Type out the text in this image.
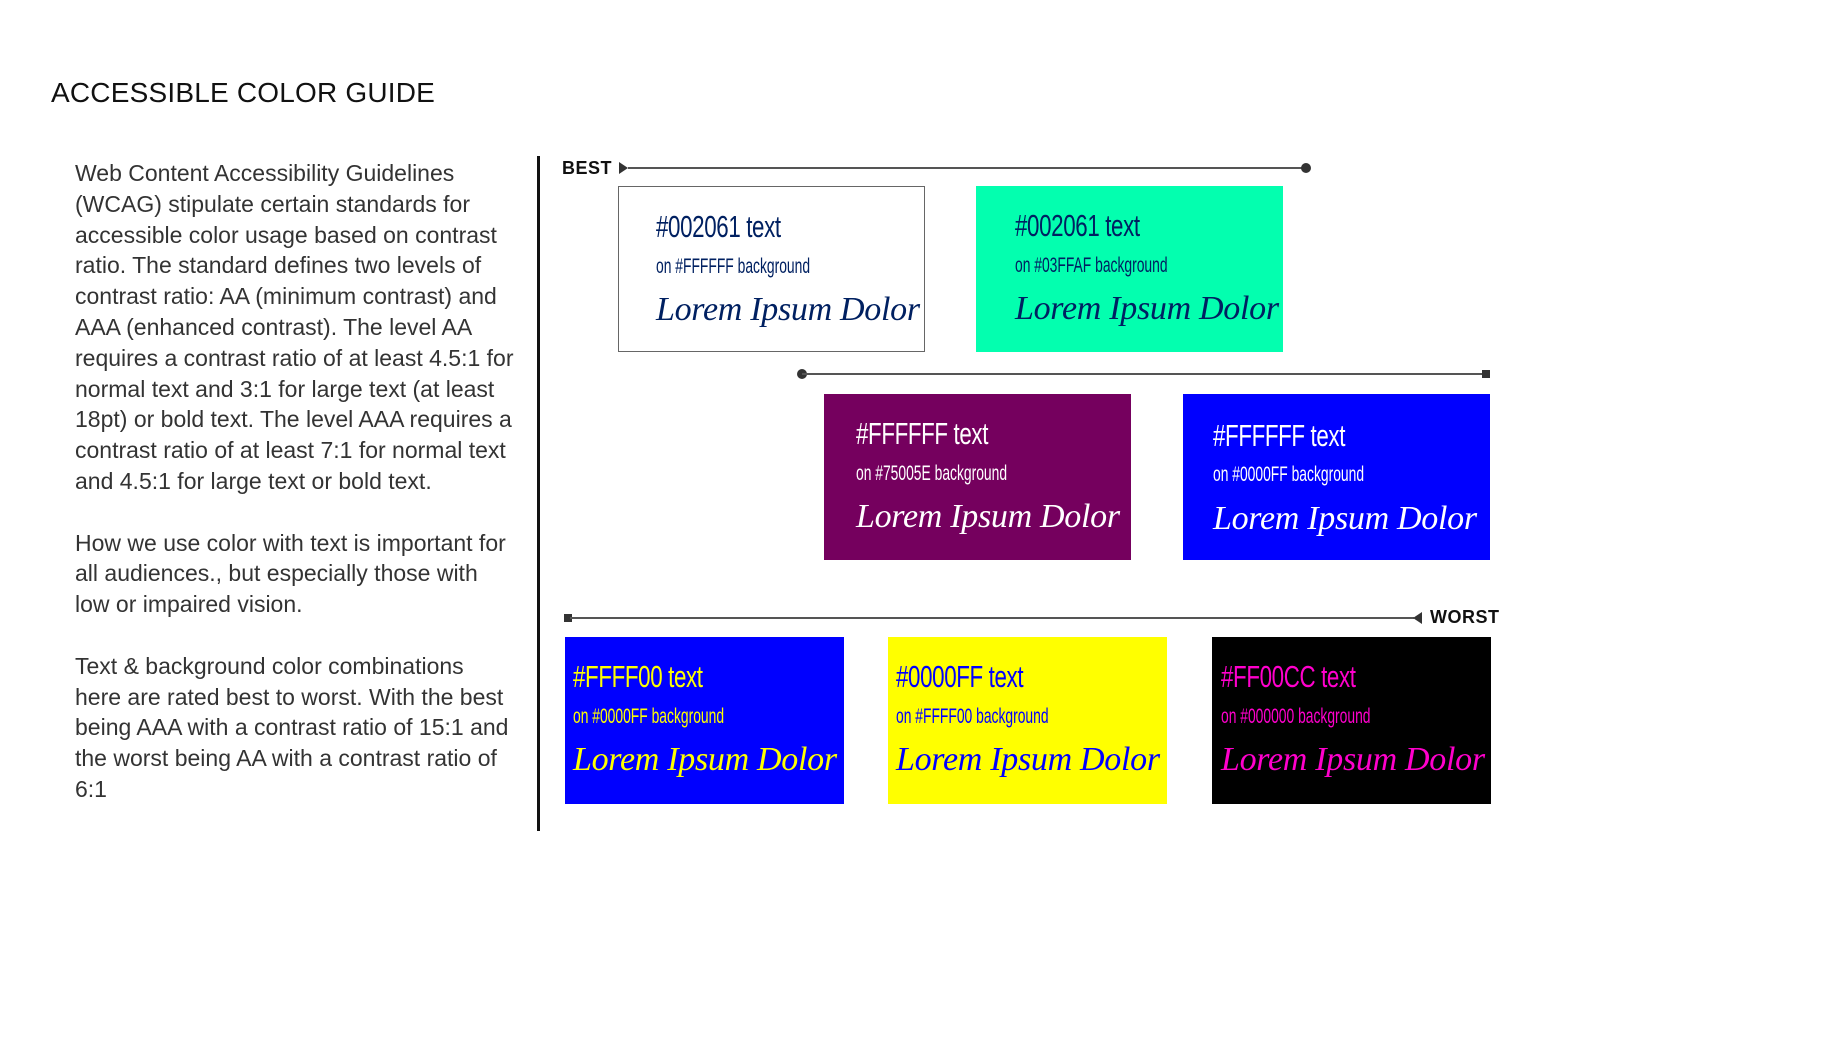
ACCESSIBLE COLOR GUIDE

Web Content Accessibility Guidelines (WCAG) stipulate certain standards for accessible color usage based on contrast ratio. The standard defines two levels of contrast ratio: AA (minimum contrast) and AAA (enhanced contrast). The level AA requires a contrast ratio of at least 4.5:1 for normal text and 3:1 for large text (at least 18pt) or bold text. The level AAA requires a contrast ratio of at least 7:1 for normal text and 4.5:1 for large text or bold text.

How we use color with text is important for all audiences., but especially those with low or impaired vision.

Text & background color combinations here are rated best to worst. With the best being AAA with a contrast ratio of 15:1 and the worst being AA with a contrast ratio of 6:1

BEST
WORST
#002061 text
on #FFFFFF background
Lorem Ipsum Dolor
#002061 text
on #03FFAF background
Lorem Ipsum Dolor
#FFFFFF text
on #75005E background
Lorem Ipsum Dolor
#FFFFFF text
on #0000FF background
Lorem Ipsum Dolor
#FFFF00 text
on #0000FF background
Lorem Ipsum Dolor
#0000FF text
on #FFFF00 background
Lorem Ipsum Dolor
#FF00CC text
on #000000 background
Lorem Ipsum Dolor
